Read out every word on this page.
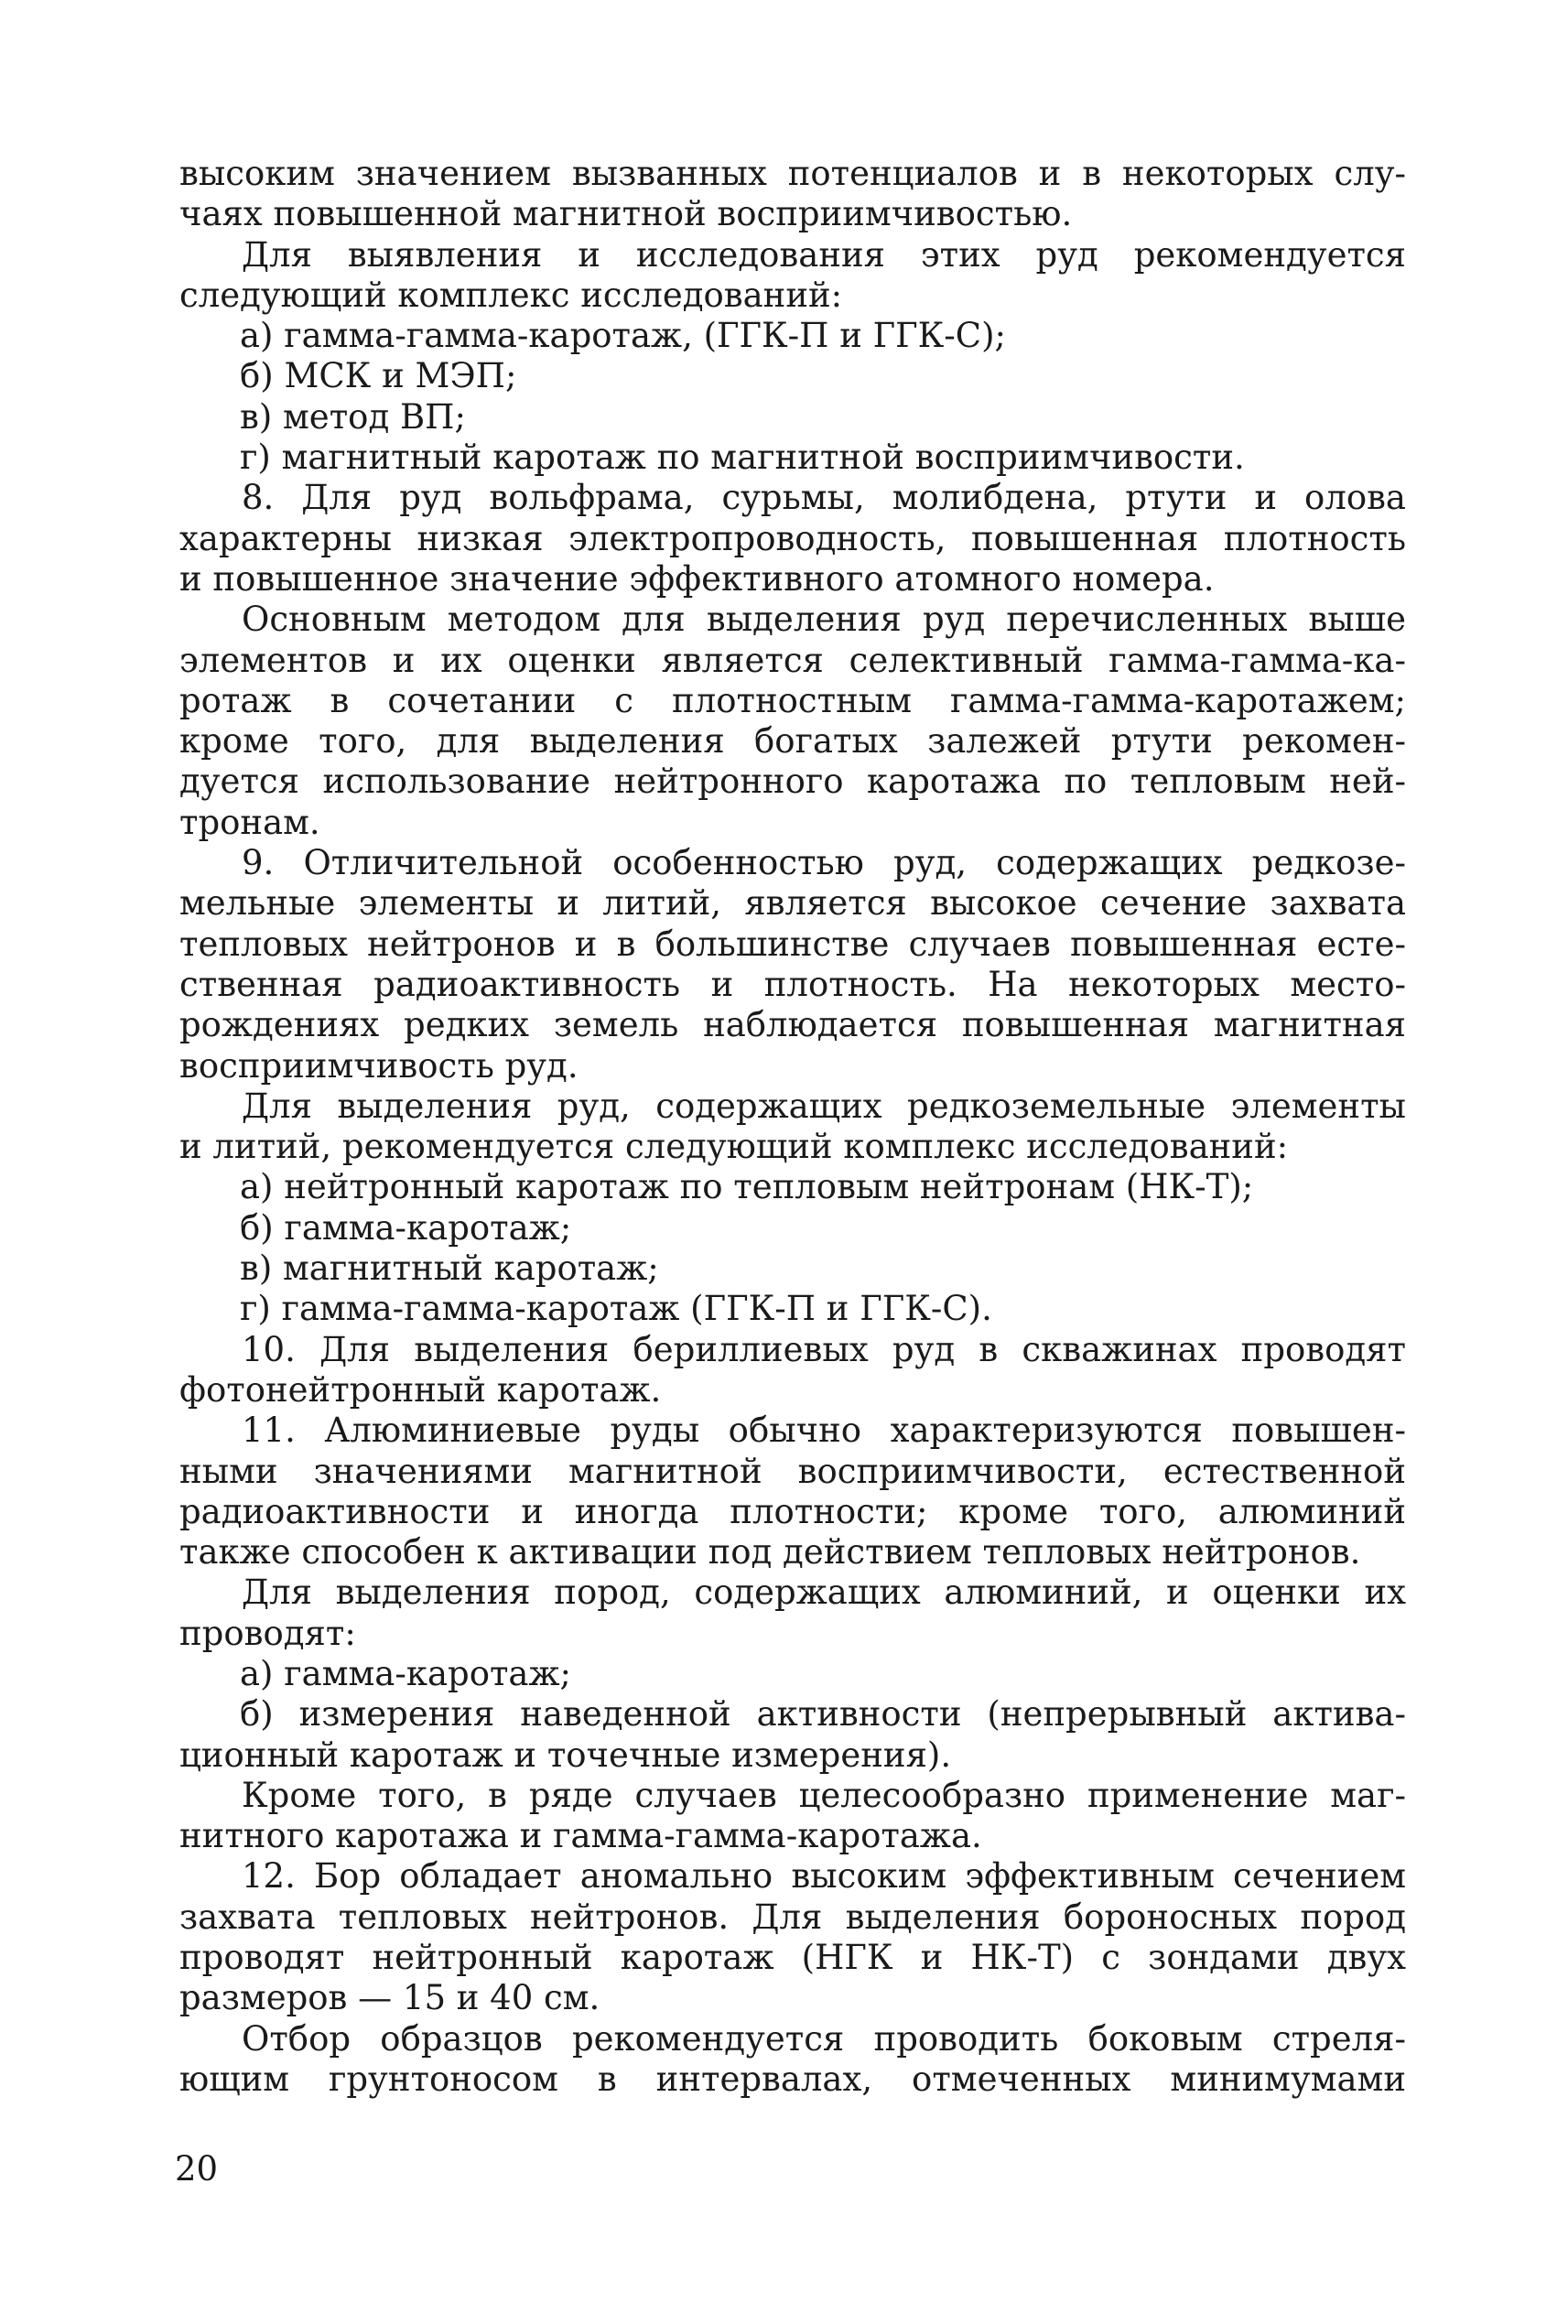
высоким значением вызванных потенциалов и в некоторых слу-
чаях повышенной магнитной восприимчивостью.
Для выявления и исследования этих руд рекомендуется
следующий комплекс исследований:
а) гамма-гамма-каротаж, (ГГК-П и ГГК-С);
б) МСК и МЭП;
в) метод ВП;
г) магнитный каротаж по магнитной восприимчивости.
8. Для руд вольфрама, сурьмы, молибдена, ртути и олова
характерны низкая электропроводность, повышенная плотность
и повышенное значение эффективного атомного номера.
Основным методом для выделения руд перечисленных выше
элементов и их оценки является селективный гамма-гамма-ка-
ротаж в сочетании с плотностным гамма-гамма-каротажем;
кроме того, для выделения богатых залежей ртути рекомен-
дуется использование нейтронного каротажа по тепловым ней-
тронам.
9. Отличительной особенностью руд, содержащих редкозе-
мельные элементы и литий, является высокое сечение захвата
тепловых нейтронов и в большинстве случаев повышенная есте-
ственная радиоактивность и плотность. На некоторых место-
рождениях редких земель наблюдается повышенная магнитная
восприимчивость руд.
Для выделения руд, содержащих редкоземельные элементы
и литий, рекомендуется следующий комплекс исследований:
а) нейтронный каротаж по тепловым нейтронам (НК-Т);
б) гамма-каротаж;
в) магнитный каротаж;
г) гамма-гамма-каротаж (ГГК-П и ГГК-С).
10. Для выделения бериллиевых руд в скважинах проводят
фотонейтронный каротаж.
11. Алюминиевые руды обычно характеризуются повышен-
ными значениями магнитной восприимчивости, естественной
радиоактивности и иногда плотности; кроме того, алюминий
также способен к активации под действием тепловых нейтронов.
Для выделения пород, содержащих алюминий, и оценки их
проводят:
а) гамма-каротаж;
б) измерения наведенной активности (непрерывный актива-
ционный каротаж и точечные измерения).
Кроме того, в ряде случаев целесообразно применение маг-
нитного каротажа и гамма-гамма-каротажа.
12. Бор обладает аномально высоким эффективным сечением
захвата тепловых нейтронов. Для выделения бороносных пород
проводят нейтронный каротаж (НГК и НК-Т) с зондами двух
размеров — 15 и 40 см.
Отбор образцов рекомендуется проводить боковым стреля-
ющим грунтоносом в интервалах, отмеченных минимумами
20
